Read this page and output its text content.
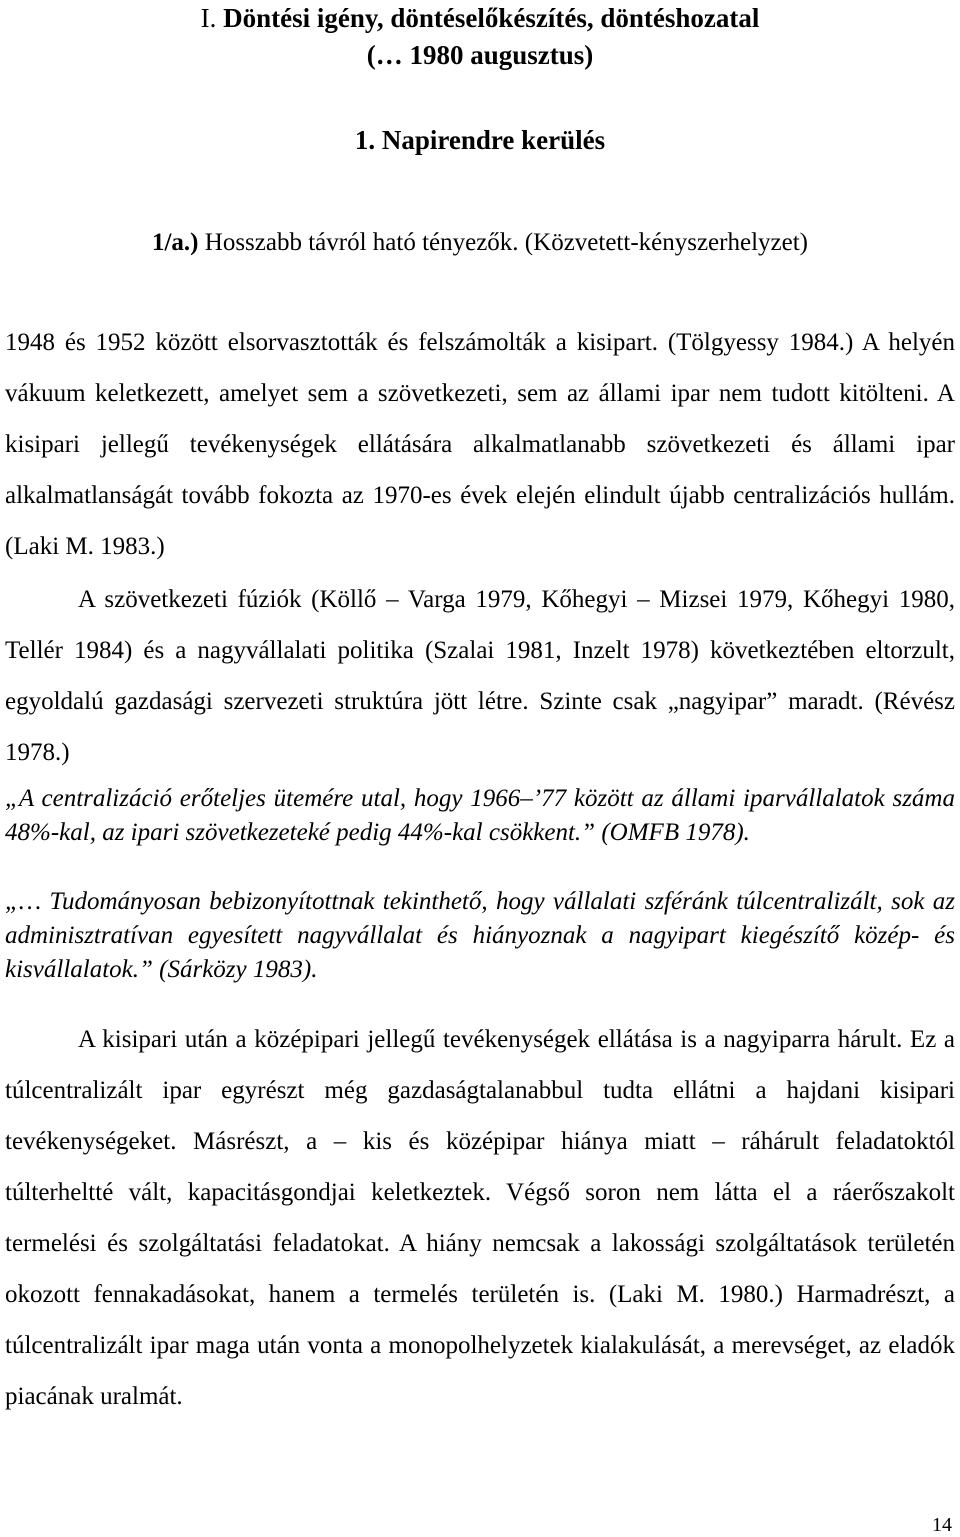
I. Döntési igény, döntéselőkészítés, döntéshozatal
(… 1980 augusztus)
1. Napirendre kerülés
1/a.) Hosszabb távról ható tényezők. (Közvetett-kényszerhelyzet)
1948 és 1952 között elsorvasztották és felszámolták a kisipart. (Tölgyessy 1984.) A helyén vákuum keletkezett, amelyet sem a szövetkezeti, sem az állami ipar nem tudott kitölteni. A kisipari jellegű tevékenységek ellátására alkalmatlanabb szövetkezeti és állami ipar alkalmatlanságát tovább fokozta az 1970-es évek elején elindult újabb centralizációs hullám. (Laki M. 1983.)
A szövetkezeti fúziók (Köllő – Varga 1979, Kőhegyi – Mizsei 1979, Kőhegyi 1980, Tellér 1984) és a nagyvállalati politika (Szalai 1981, Inzelt 1978) következtében eltorzult, egyoldalú gazdasági szervezeti struktúra jött létre. Szinte csak „nagyipar” maradt. (Révész 1978.)
„A centralizáció erőteljes ütemére utal, hogy 1966–’77 között az állami iparvállalatok száma 48%-kal, az ipari szövetkezeteké pedig 44%-kal csökkent.” (OMFB 1978).
„… Tudományosan bebizonyítottnak tekinthető, hogy vállalati szféránk túlcentralizált, sok az adminisztratívan egyesített nagyvállalat és hiányoznak a nagyipart kiegészítő közép- és kisvállalatok.” (Sárközy 1983).
A kisipari után a középipari jellegű tevékenységek ellátása is a nagyiparra hárult. Ez a túlcentralizált ipar egyrészt még gazdaságtalanabbul tudta ellátni a hajdani kisipari tevékenységeket. Másrészt, a – kis és középipar hiánya miatt – ráhárult feladatoktól túlterheltté vált, kapacitásgondjai keletkeztek. Végső soron nem látta el a ráerőszakolt termelési és szolgáltatási feladatokat. A hiány nemcsak a lakossági szolgáltatások területén okozott fennakadásokat, hanem a termelés területén is. (Laki M. 1980.) Harmadrészt, a túlcentralizált ipar maga után vonta a monopolhelyzetek kialakulását, a merevséget, az eladók piacának uralmát.
14
